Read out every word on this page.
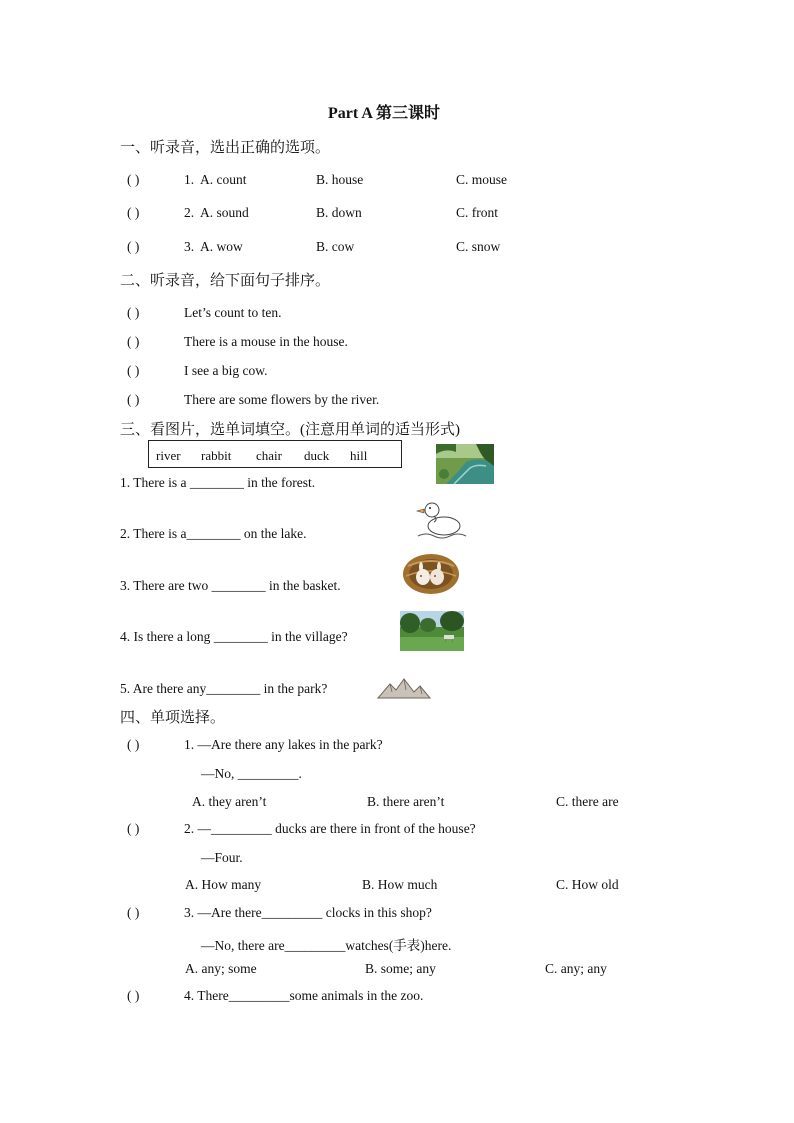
Part A 第三课时
一、听录音，选出正确的选项。
( )	1. A. count	B. house	C. mouse
( )	2. A. sound	B. down	C. front
( )	3. A. wow	B. cow	C. snow
二、听录音，给下面句子排序。
( )	Let’s count to ten.
( )	There is a mouse in the house.
( )	I see a big cow.
( )	There are some flowers by the river.
三、看图片，选单词填空。(注意用单词的适当形式)
river rabbit chair duck hill
1. There is a ________ in the forest.
2. There is a________ on the lake.
3. There are two ________ in the basket.
4. Is there a long ________ in the village?
5. Are there any________ in the park?
四、单项选择。
( )	1. —Are there any lakes in the park?
—No, _________.
A. they aren’t	B. there aren’t	C. there are
( )	2. —_________ ducks are there in front of the house?
—Four.
A. How many	B. How much	C. How old
( )	3. —Are there_________ clocks in this shop?
—No, there are_________watches(手表)here.
A. any; some	B. some; any	C. any; any
( )	4. There_________some animals in the zoo.
